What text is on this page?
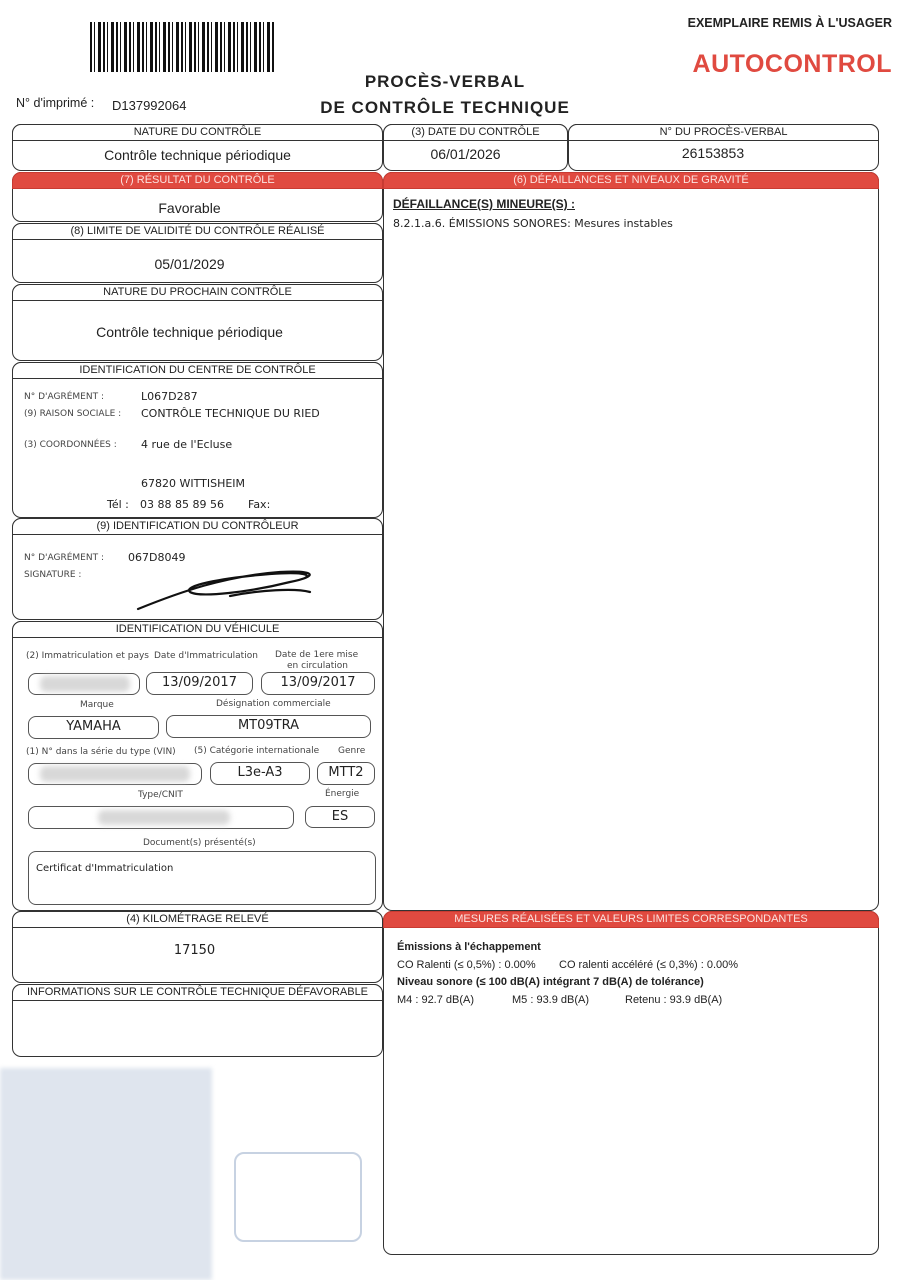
EXEMPLAIRE REMIS À L'USAGER
AUTOCONTROL
PROCÈS-VERBAL
DE CONTRÔLE TECHNIQUE
N° d'imprimé : D137992064
NATURE DU CONTRÔLE
Contrôle technique périodique
(3) DATE DU CONTRÔLE
06/01/2026
N° DU PROCÈS-VERBAL
26153853
(7) RÉSULTAT DU CONTRÔLE
Favorable
(8) LIMITE DE VALIDITÉ DU CONTRÔLE RÉALISÉ
05/01/2029
NATURE DU PROCHAIN CONTRÔLE
Contrôle technique périodique
IDENTIFICATION DU CENTRE DE CONTRÔLE
N° D'AGRÉMENT :	L067D287
(9) RAISON SOCIALE : CONTRÔLE TECHNIQUE DU RIED
(3) COORDONNÉES : 4 rue de l'Ecluse
67820 WITTISHEIM
Tél : 03 88 85 89 56 Fax:
(9) IDENTIFICATION DU CONTRÔLEUR
N° D'AGRÉMENT : 067D8049
SIGNATURE :
IDENTIFICATION DU VÉHICULE
(2) Immatriculation et pays Date d'Immatriculation Date de 1ere mise
en circulation
13/09/2017	13/09/2017
Marque	Désignation commerciale
YAMAHA	MT09TRA
(1) N° dans la série du type (VIN) (5) Catégorie internationale Genre
L3e-A3	MTT2
Type/CNIT	Énergie
ES
Document(s) présenté(s)
Certificat d'Immatriculation
(4) KILOMÉTRAGE RELEVÉ
17150
INFORMATIONS SUR LE CONTRÔLE TECHNIQUE DÉFAVORABLE
(6) DÉFAILLANCES ET NIVEAUX DE GRAVITÉ
DÉFAILLANCE(S) MINEURE(S) :
8.2.1.a.6. ÉMISSIONS SONORES: Mesures instables
MESURES RÉALISÉES ET VALEURS LIMITES CORRESPONDANTES
Émissions à l'échappement
CO Ralenti (≤ 0,5%) : 0.00% CO ralenti accéléré (≤ 0,3%) : 0.00%
Niveau sonore (≤ 100 dB(A) intégrant 7 dB(A) de tolérance)
M4 : 92.7 dB(A)	M5 : 93.9 dB(A)	Retenu : 93.9 dB(A)
